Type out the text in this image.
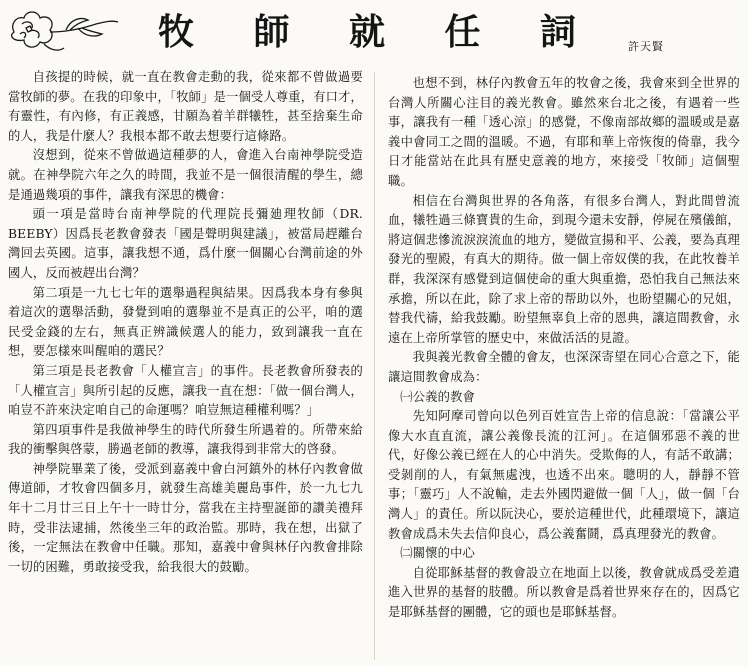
牧 師 就 任 詞	許天賢

自孩提的時候，就一直在教會走動的我，從來都不曾做過要當牧師的夢。在我的印象中，「牧師」是一個受人尊重，有口才，有靈性，有內修，有正義感，甘願為着羊群犧牲，甚至捨棄生命的人，我是什麼人？我根本都不敢去想要行這條路。

沒想到，從來不曾做過這種夢的人，會進入台南神學院受造就。在神學院六年之久的時間，我並不是一個很清醒的學生，總是通過幾項的事件，讓我有深思的機會：

頭一項是當時台南神學院的代理院長彌廸理牧師（DR. BEEBY）因爲長老教會發表「國是聲明與建議」，被當局趕離台灣回去英國。這事，讓我想不通，爲什麼一個關心台灣前途的外國人，反而被趕出台灣？

第二項是一九七七年的選舉過程與結果。因爲我本身有參與着這次的選舉活動，發覺到咱的選舉並不是真正的公平，咱的選民受金錢的左右，無真正辨識候選人的能力，致到讓我一直在想，要怎樣來叫醒咱的選民？

第三項是長老教會「人權宣言」的事件。長老教會所發表的「人權宣言」與所引起的反應，讓我一直在想：「做一個台灣人，咱豈不許來決定咱自己的命運嗎？咱豈無這種權利嗎？」

第四項事件是我做神學生的時代所發生所遇着的。所帶來給我的衝擊與啓蒙，勝過老師的教導，讓我得到非常大的啓發。

神學院畢業了後，受派到嘉義中會白河鎮外的林仔內教會做傳道師，才牧會四個多月，就發生高雄美麗島事件，於一九七九年十二月廿三日上午十一時廿分，當我在主持聖誕節的讚美禮拜時，受非法逮捕，然後坐三年的政治監。那時，我在想，出獄了後，一定無法在教會中任職。那知，嘉義中會與林仔內教會排除一切的困難，勇敢接受我，給我很大的鼓勵。

也想不到，林仔內教會五年的牧會之後，我會來到全世界的台灣人所關心注目的義光教會。雖然來台北之後，有遇着一些事，讓我有一種「透心涼」的感覺，不像南部故鄉的溫暖或是嘉義中會同工之間的溫暖。不過，有耶和華上帝恢復的倚靠，我今日才能當站在此具有歷史意義的地方，來接受「牧師」這個聖職。

相信在台灣與世界的各角落，有很多台灣人，對此間曾流血，犧牲過三條寶貴的生命，到現今還未安靜，停屍在殯儀館，將這個悲慘流淚淚流血的地方，變做宣揚和平、公義，要為真理發光的聖殿，有真大的期待。做一個上帝奴僕的我，在此牧養羊群，我深深有感覺到這個使命的重大與重擔，恐怕我自己無法來承擔，所以在此，除了求上帝的帮助以外，也盼望關心的兄姐，替我代禱，給我鼓勵。盼望無辜負上帝的恩典，讓這間教會，永遠在上帝所掌管的歷史中，來做活活的見證。

我與義光教會全體的會友，也深深寄望在同心合意之下，能讓這間教會成為：

㈠公義的教會

先知阿摩司曾向以色列百姓宣告上帝的信息說：「當讓公平像大水直直流，讓公義像長流的江河」。在這個邪惡不義的世代，好像公義已經在人的心中消失。受欺侮的人，有話不敢講；受剝削的人，有氣無處洩，也透不出來。聰明的人，靜靜不管事；「靈巧」人不說輸，走去外國閃避做一個「人」，做一個「台灣人」的責任。所以阮決心，要於這種世代，此種環境下，讓這教會成爲未失去信仰良心，爲公義奮鬪，爲真理發光的教會。

㈡關懷的中心

自從耶穌基督的教會設立在地面上以後，教會就成爲受差遣進入世界的基督的肢體。所以教會是爲着世界來存在的，因爲它是耶穌基督的團體，它的頭也是耶穌基督。
